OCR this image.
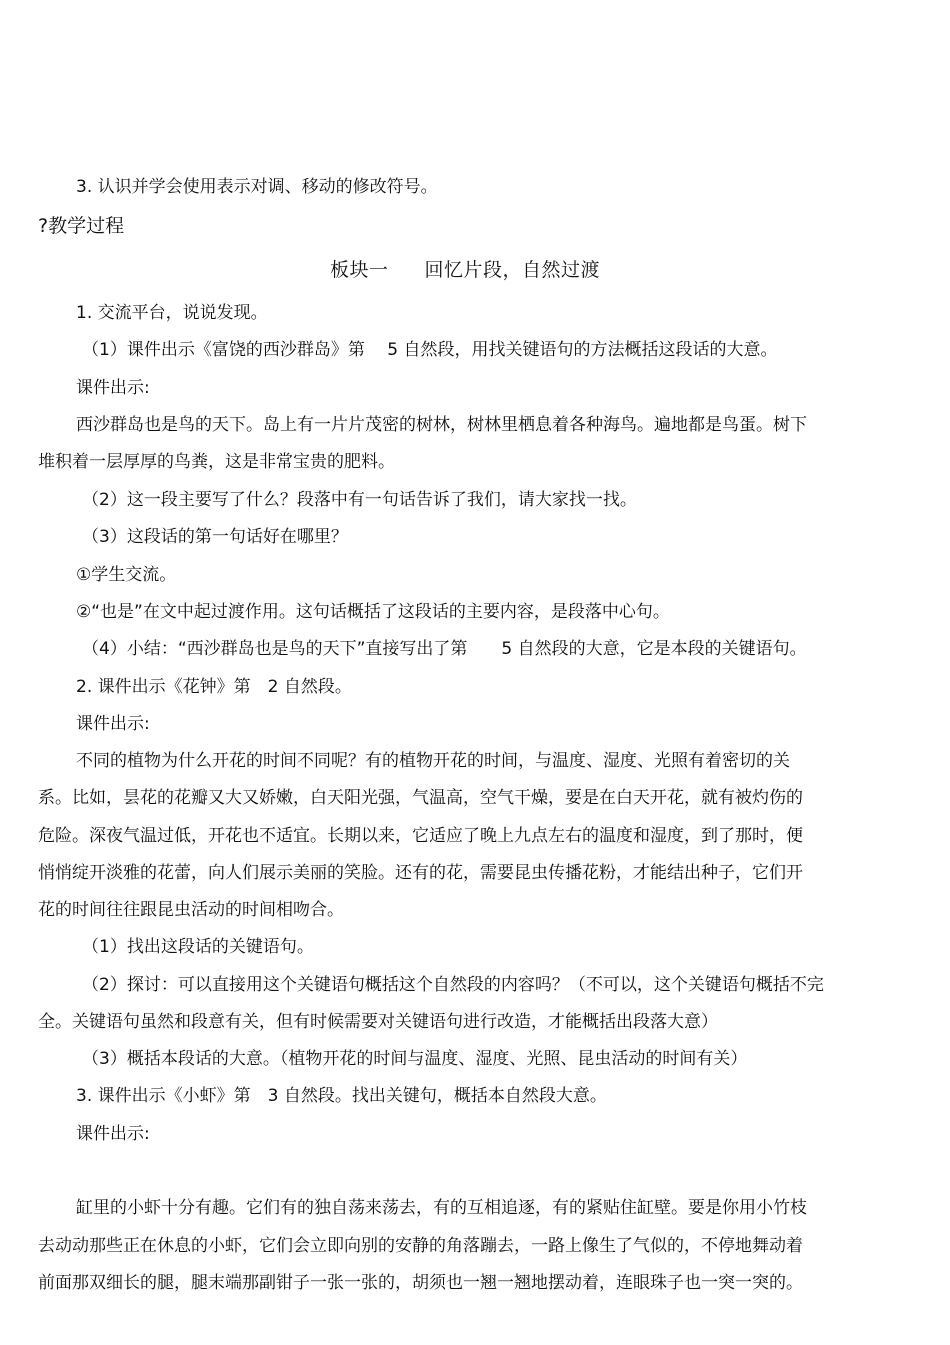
3. 认识并学会使用表示对调、移动的修改符号。
?教学过程
板块一 回忆片段，自然过渡
1. 交流平台，说说发现。
（1）课件出示《富饶的西沙群岛》第　 5 自然段，用找关键语句的方法概括这段话的大意。
课件出示:
西沙群岛也是鸟的天下。岛上有一片片茂密的树林，树林里栖息着各种海鸟。遍地都是鸟蛋。树下
堆积着一层厚厚的鸟粪，这是非常宝贵的肥料。
（2）这一段主要写了什么？段落中有一句话告诉了我们，请大家找一找。
（3）这段话的第一句话好在哪里？
①学生交流。
②“也是”在文中起过渡作用。这句话概括了这段话的主要内容，是段落中心句。
（4）小结：“西沙群岛也是鸟的天下”直接写出了第　　5 自然段的大意，它是本段的关键语句。
2. 课件出示《花钟》第　2 自然段。
课件出示:
不同的植物为什么开花的时间不同呢？有的植物开花的时间，与温度、湿度、光照有着密切的关
系。比如，昙花的花瓣又大又娇嫩，白天阳光强，气温高，空气干燥，要是在白天开花，就有被灼伤的
危险。深夜气温过低，开花也不适宜。长期以来，它适应了晚上九点左右的温度和湿度，到了那时，便
悄悄绽开淡雅的花蕾，向人们展示美丽的笑脸。还有的花，需要昆虫传播花粉，才能结出种子，它们开
花的时间往往跟昆虫活动的时间相吻合。
（1）找出这段话的关键语句。
（2）探讨：可以直接用这个关键语句概括这个自然段的内容吗？（不可以，这个关键语句概括不完
全。关键语句虽然和段意有关，但有时候需要对关键语句进行改造，才能概括出段落大意）
（3）概括本段话的大意。（植物开花的时间与温度、湿度、光照、昆虫活动的时间有关）
3. 课件出示《小虾》第　3 自然段。找出关键句，概括本自然段大意。
课件出示:
缸里的小虾十分有趣。它们有的独自荡来荡去，有的互相追逐，有的紧贴住缸壁。要是你用小竹枝
去动动那些正在休息的小虾，它们会立即向别的安静的角落蹦去，一路上像生了气似的，不停地舞动着
前面那双细长的腿，腿末端那副钳子一张一张的，胡须也一翘一翘地摆动着，连眼珠子也一突一突的。
